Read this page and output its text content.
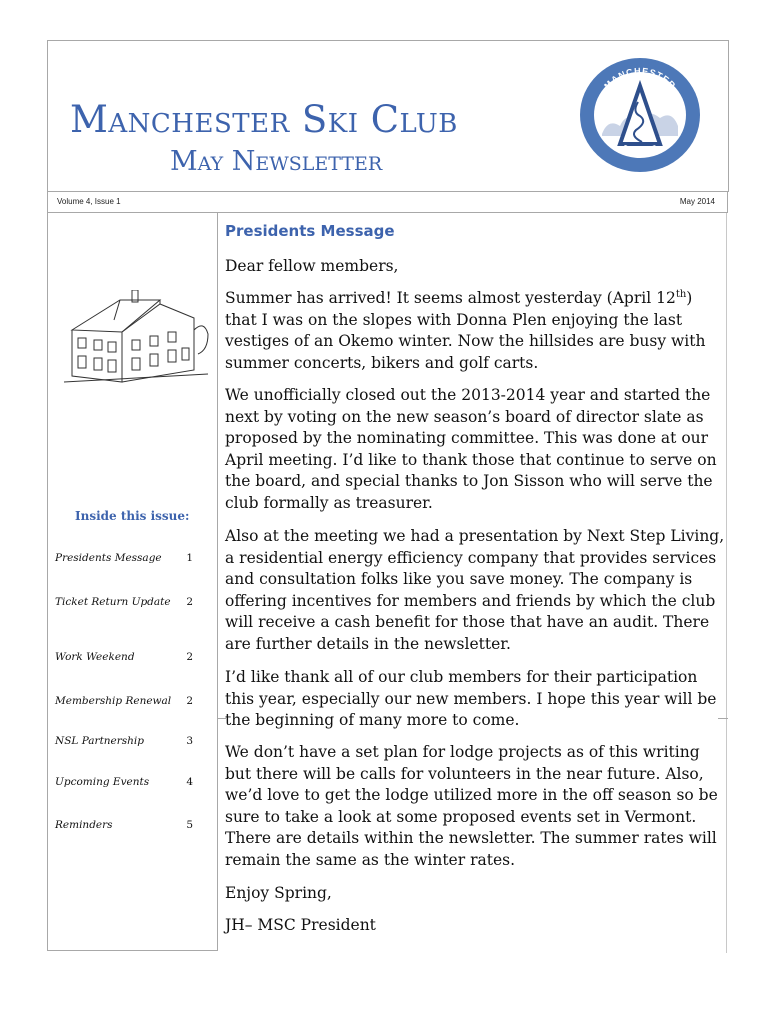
Manchester Ski Club
May Newsletter
MANCHESTER
SKI CLUB
Volume 4, Issue 1	May 2014
Inside this issue:
Presidents Message 1
Ticket Return Update 2
Work Weekend	2
Membership Renewal 2
NSL Partnership	3
Upcoming Events	4
Reminders	5
Presidents Message

Dear fellow members,

Summer has arrived! It seems almost yesterday (April 12th) that I was on the slopes with Donna Plen enjoying the last vestiges of an Okemo winter. Now the hillsides are busy with summer concerts, bikers and golf carts.

We unofficially closed out the 2013-2014 year and started the next by voting on the new season’s board of director slate as proposed by the nominating committee. This was done at our April meeting. I’d like to thank those that continue to serve on the board, and special thanks to Jon Sisson who will serve the club formally as treasurer.

Also at the meeting we had a presentation by Next Step Living, a residential energy efficiency company that provides services and consultation folks like you save money. The company is offering incentives for members and friends by which the club will receive a cash benefit for those that have an audit. There are further details in the newsletter.

I’d like thank all of our club members for their participation this year, especially our new members. I hope this year will be the beginning of many more to come.

We don’t have a set plan for lodge projects as of this writing but there will be calls for volunteers in the near future. Also, we’d love to get the lodge utilized more in the off season so be sure to take a look at some proposed events set in Vermont. There are details within the newsletter. The summer rates will remain the same as the winter rates.

Enjoy Spring,

JH– MSC President
